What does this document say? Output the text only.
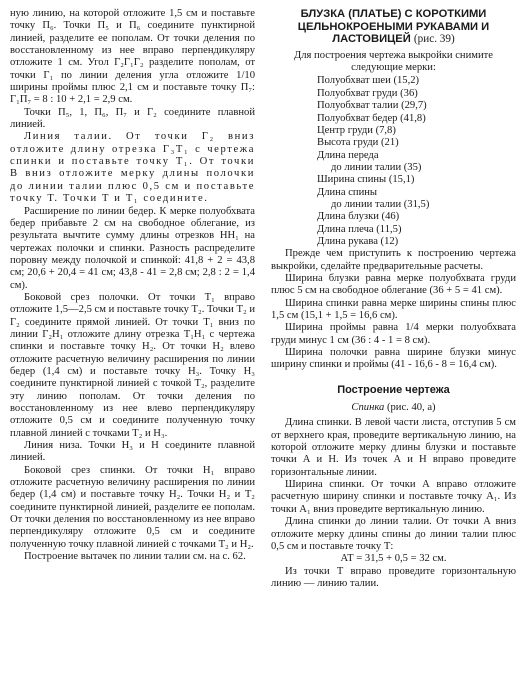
ную линию, на которой отложите 1,5 см и поставьте точку П₆. Точки П₅ и П₆ соедините пунктирной линией, разделите ее пополам. От точки деления по восстановленному из нее вправо перпендикуляру отложите 1 см. Угол Г₂Г₁Г₂ разделите пополам, от точки Г₁ по линии деления угла отложите 1/10 ширины проймы плюс 2,1 см и поставьте точку П₇: Г₁П₇ = 8 : 10 + 2,1 = 2,9 см.

Точки П₅, 1, П₆, П₇ и Г₂ соедините плавной линией.

Линия талии. От точки Г₂ вниз отложите длину отрезка Г₃Т₁ с чертежа спинки и поставьте точку Т₁. От точки В вниз отложите мерку длины полочки до линии талии плюс 0,5 см и поставьте точку Т. Точки Т и Т₁ соедините.

Расширение по линии бедер. К мерке полуобхвата бедер прибавьте 2 см на свободное облегание, из результата вычтите сумму длины отрезков НН₁ на чертежах полочки и спинки. Разность распределите поровну между полочкой и спинкой: 41,8 + 2 = 43,8 см; 20,6 + 20,4 = 41 см; 43,8 - 41 = 2,8 см; 2,8 : 2 = 1,4 см).

Боковой срез полочки. От точки Т₁ вправо отложите 1,5—2,5 см и поставьте точку Т₂. Точки Т₂ и Г₂ соедините прямой линией. От точки Т₁ вниз по линии Г₂Н₁ отложите длину отрезка Т₁Н₁ с чертежа спинки и поставьте точку Н₂. От точки Н₂ влево отложите расчетную величину расширения по линии бедер (1,4 см) и поставьте точку Н₃. Точку Н₃ соедините пунктирной линией с точкой Т₂, разделите эту линию пополам. От точки деления по восстановленному из нее влево перпендикуляру отложите 0,5 см и соедините полученную точку плавной линией с точками Т₂ и Н₃.

Линия низа. Точки Н₃ и Н соедините плавной линией.

Боковой срез спинки. От точки Н₁ вправо отложите расчетную величину расширения по линии бедер (1,4 см) и поставьте точку Н₂. Точки Н₂ и Т₂ соедините пунктирной линией, разделите ее пополам. От точки деления по восстановленному из нее вправо перпендикуляру отложите 0,5 см и соедините полученную точку плавной линией с точками Т₂ и Н₂.

Построение вытачек по линии талии см. на с. 62.

БЛУЗКА (ПЛАТЬЕ) С КОРОТКИМИ ЦЕЛЬНОКРОЕНЫМИ РУКАВАМИ И ЛАСТОВИЦЕЙ (рис. 39)

Для построения чертежа выкройки снимите следующие мерки:

Полуобхват шеи (15,2)
Полуобхват груди (36)
Полуобхват талии (29,7)
Полуобхват бедер (41,8)
Центр груди (7,8)
Высота груди (21)
Длина переда
до линии талии (35)
Ширина спины (15,1)
Длина спины
до линии талии (31,5)
Длина блузки (46)
Длина плеча (11,5)
Длина рукава (12)

Прежде чем приступить к построению чертежа выкройки, сделайте предварительные расчеты.

Ширина блузки равна мерке полуобхвата груди плюс 5 см на свободное облегание (36 + 5 = 41 см).

Ширина спинки равна мерке ширины спины плюс 1,5 см (15,1 + 1,5 = 16,6 см).

Ширина проймы равна 1/4 мерки полуобхвата груди минус 1 см (36 : 4 - 1 = 8 см).

Ширина полочки равна ширине блузки минус ширину спинки и проймы (41 - 16,6 - 8 = 16,4 см).

Построение чертежа
Спинка (рис. 40, а)

Длина спинки. В левой части листа, отступив 5 см от верхнего края, проведите вертикальную линию, на которой отложите мерку длины блузки и поставьте точки А и Н. Из точек А и Н вправо проведите горизонтальные линии.

Ширина спинки. От точки А вправо отложите расчетную ширину спинки и поставьте точку А₁. Из точки А₁ вниз проведите вертикальную линию.

Длина спинки до линии талии. От точки А вниз отложите мерку длины спины до линии талии плюс 0,5 см и поставьте точку Т:

АТ = 31,5 + 0,5 = 32 см.

Из точки Т вправо проведите горизонтальную линию — линию талии.
